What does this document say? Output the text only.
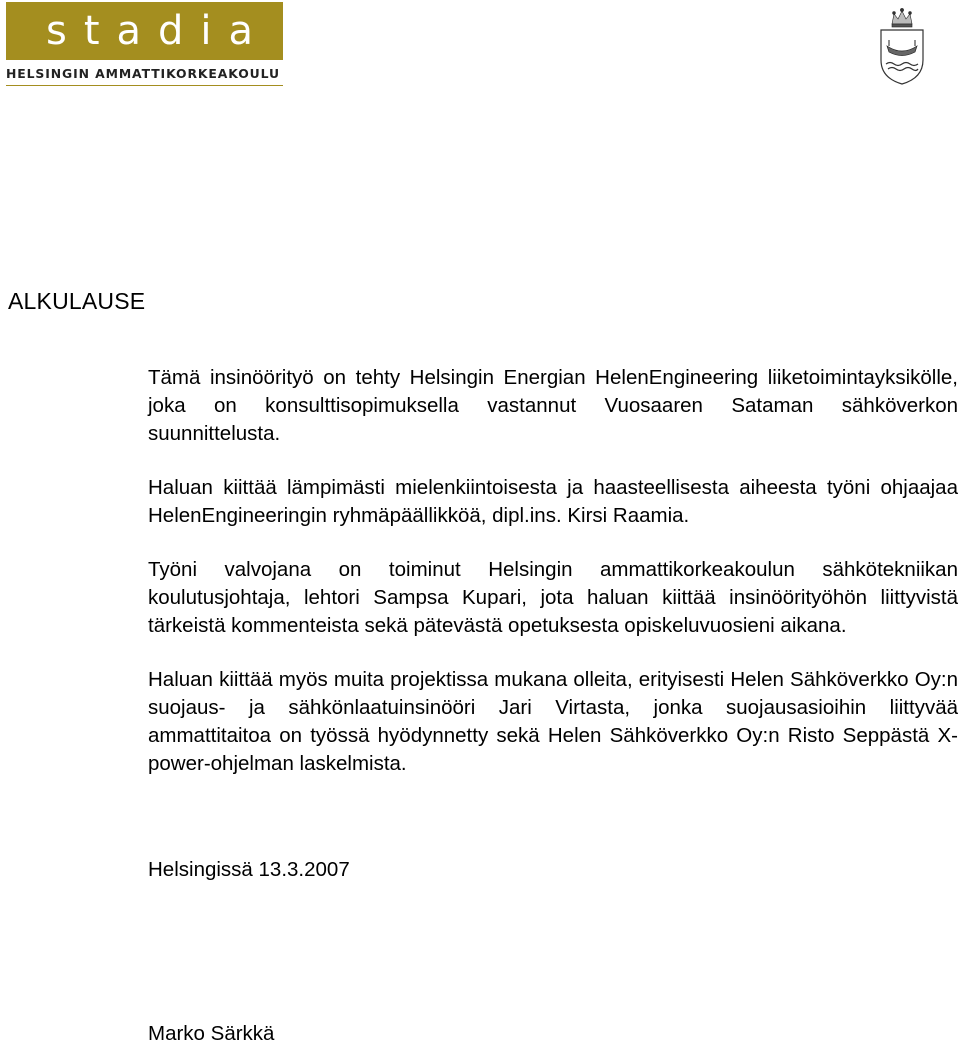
stadia
HELSINGIN AMMATTIKORKEAKOULU
ALKULAUSE

Tämä insinöörityö on tehty Helsingin Energian HelenEngineering liiketoimintayksikölle, joka on konsulttisopimuksella vastannut Vuosaaren Sataman sähköverkon suunnittelusta.

Haluan kiittää lämpimästi mielenkiintoisesta ja haasteellisesta aiheesta työni ohjaajaa HelenEngineeringin ryhmäpäällikköä, dipl.ins. Kirsi Raamia.

Työni valvojana on toiminut Helsingin ammattikorkeakoulun sähkötekniikan koulutusjohtaja, lehtori Sampsa Kupari, jota haluan kiittää insinöörityöhön liittyvistä tärkeistä kommenteista sekä pätevästä opetuksesta opiskeluvuosieni aikana.

Haluan kiittää myös muita projektissa mukana olleita, erityisesti Helen Sähköverkko Oy:n suojaus- ja sähkönlaatuinsinööri Jari Virtasta, jonka suojausasioihin liittyvää ammattitaitoa on työssä hyödynnetty sekä Helen Sähköverkko Oy:n Risto Seppästä X-power-ohjelman laskelmista.

Helsingissä 13.3.2007

Marko Särkkä
